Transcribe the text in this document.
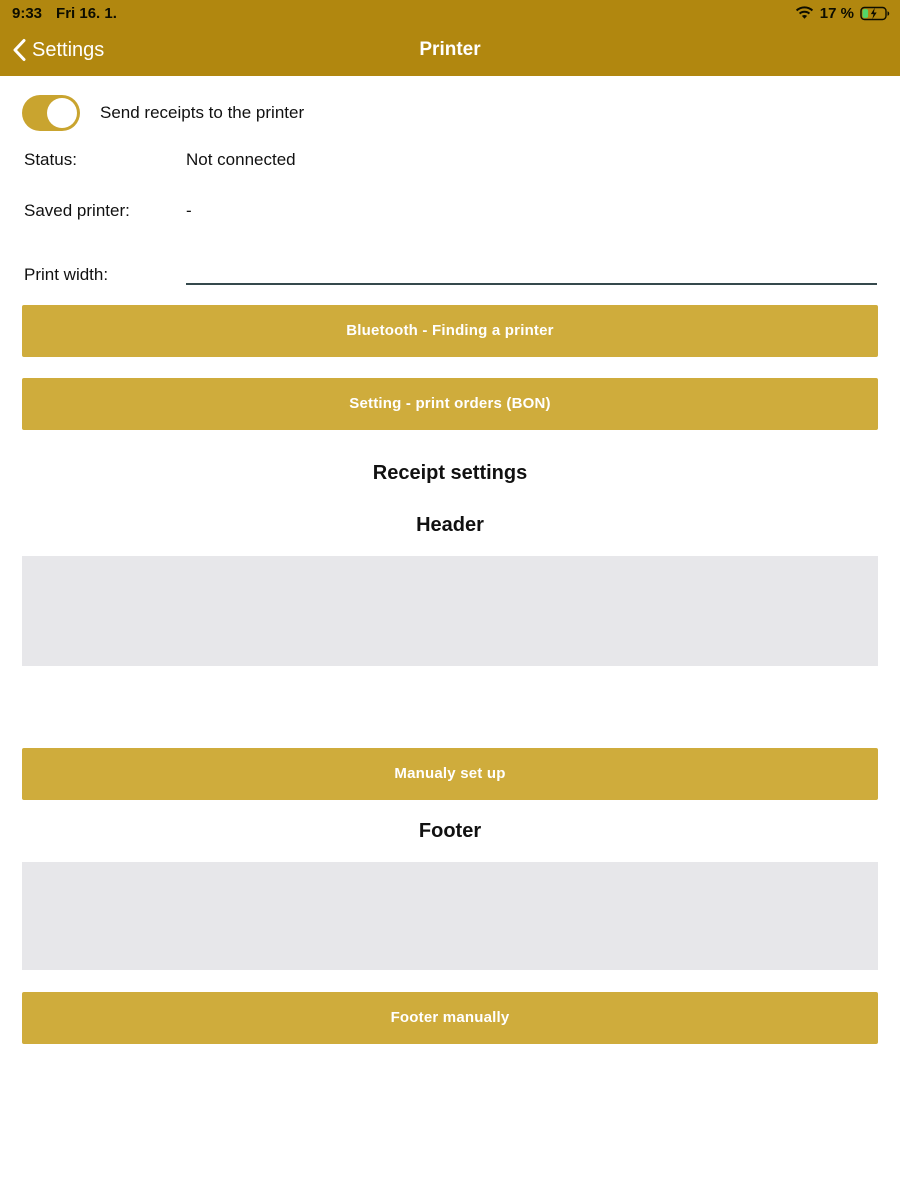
9:33 Fri 16. 1.	17 %
Settings	Printer
Send receipts to the printer
Status:	Not connected
Saved printer:	-
Print width:
Bluetooth - Finding a printer
Setting - print orders (BON)
Receipt settings
Header
Manualy set up
Footer
Footer manually
